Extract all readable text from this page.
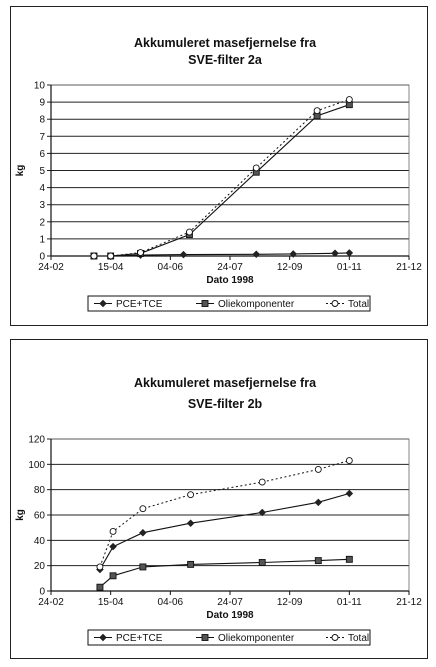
Akkumuleret masefjernelse fra
SVE-filter 2a
0
1
2
3
4
5
6
7
8
9
10
24-02	15-04	04-06	24-07	12-09	01-11	21-12
Dato 1998
kg
PCE+TCE	Oliekomponenter	Total
Akkumuleret masefjernelse fra
SVE-filter 2b
0
20
40
60
80
100
120
24-02	15-04	04-06	24-07	12-09	01-11	21-12
Dato 1998
kg
PCE+TCE	Oliekomponenter	Total
